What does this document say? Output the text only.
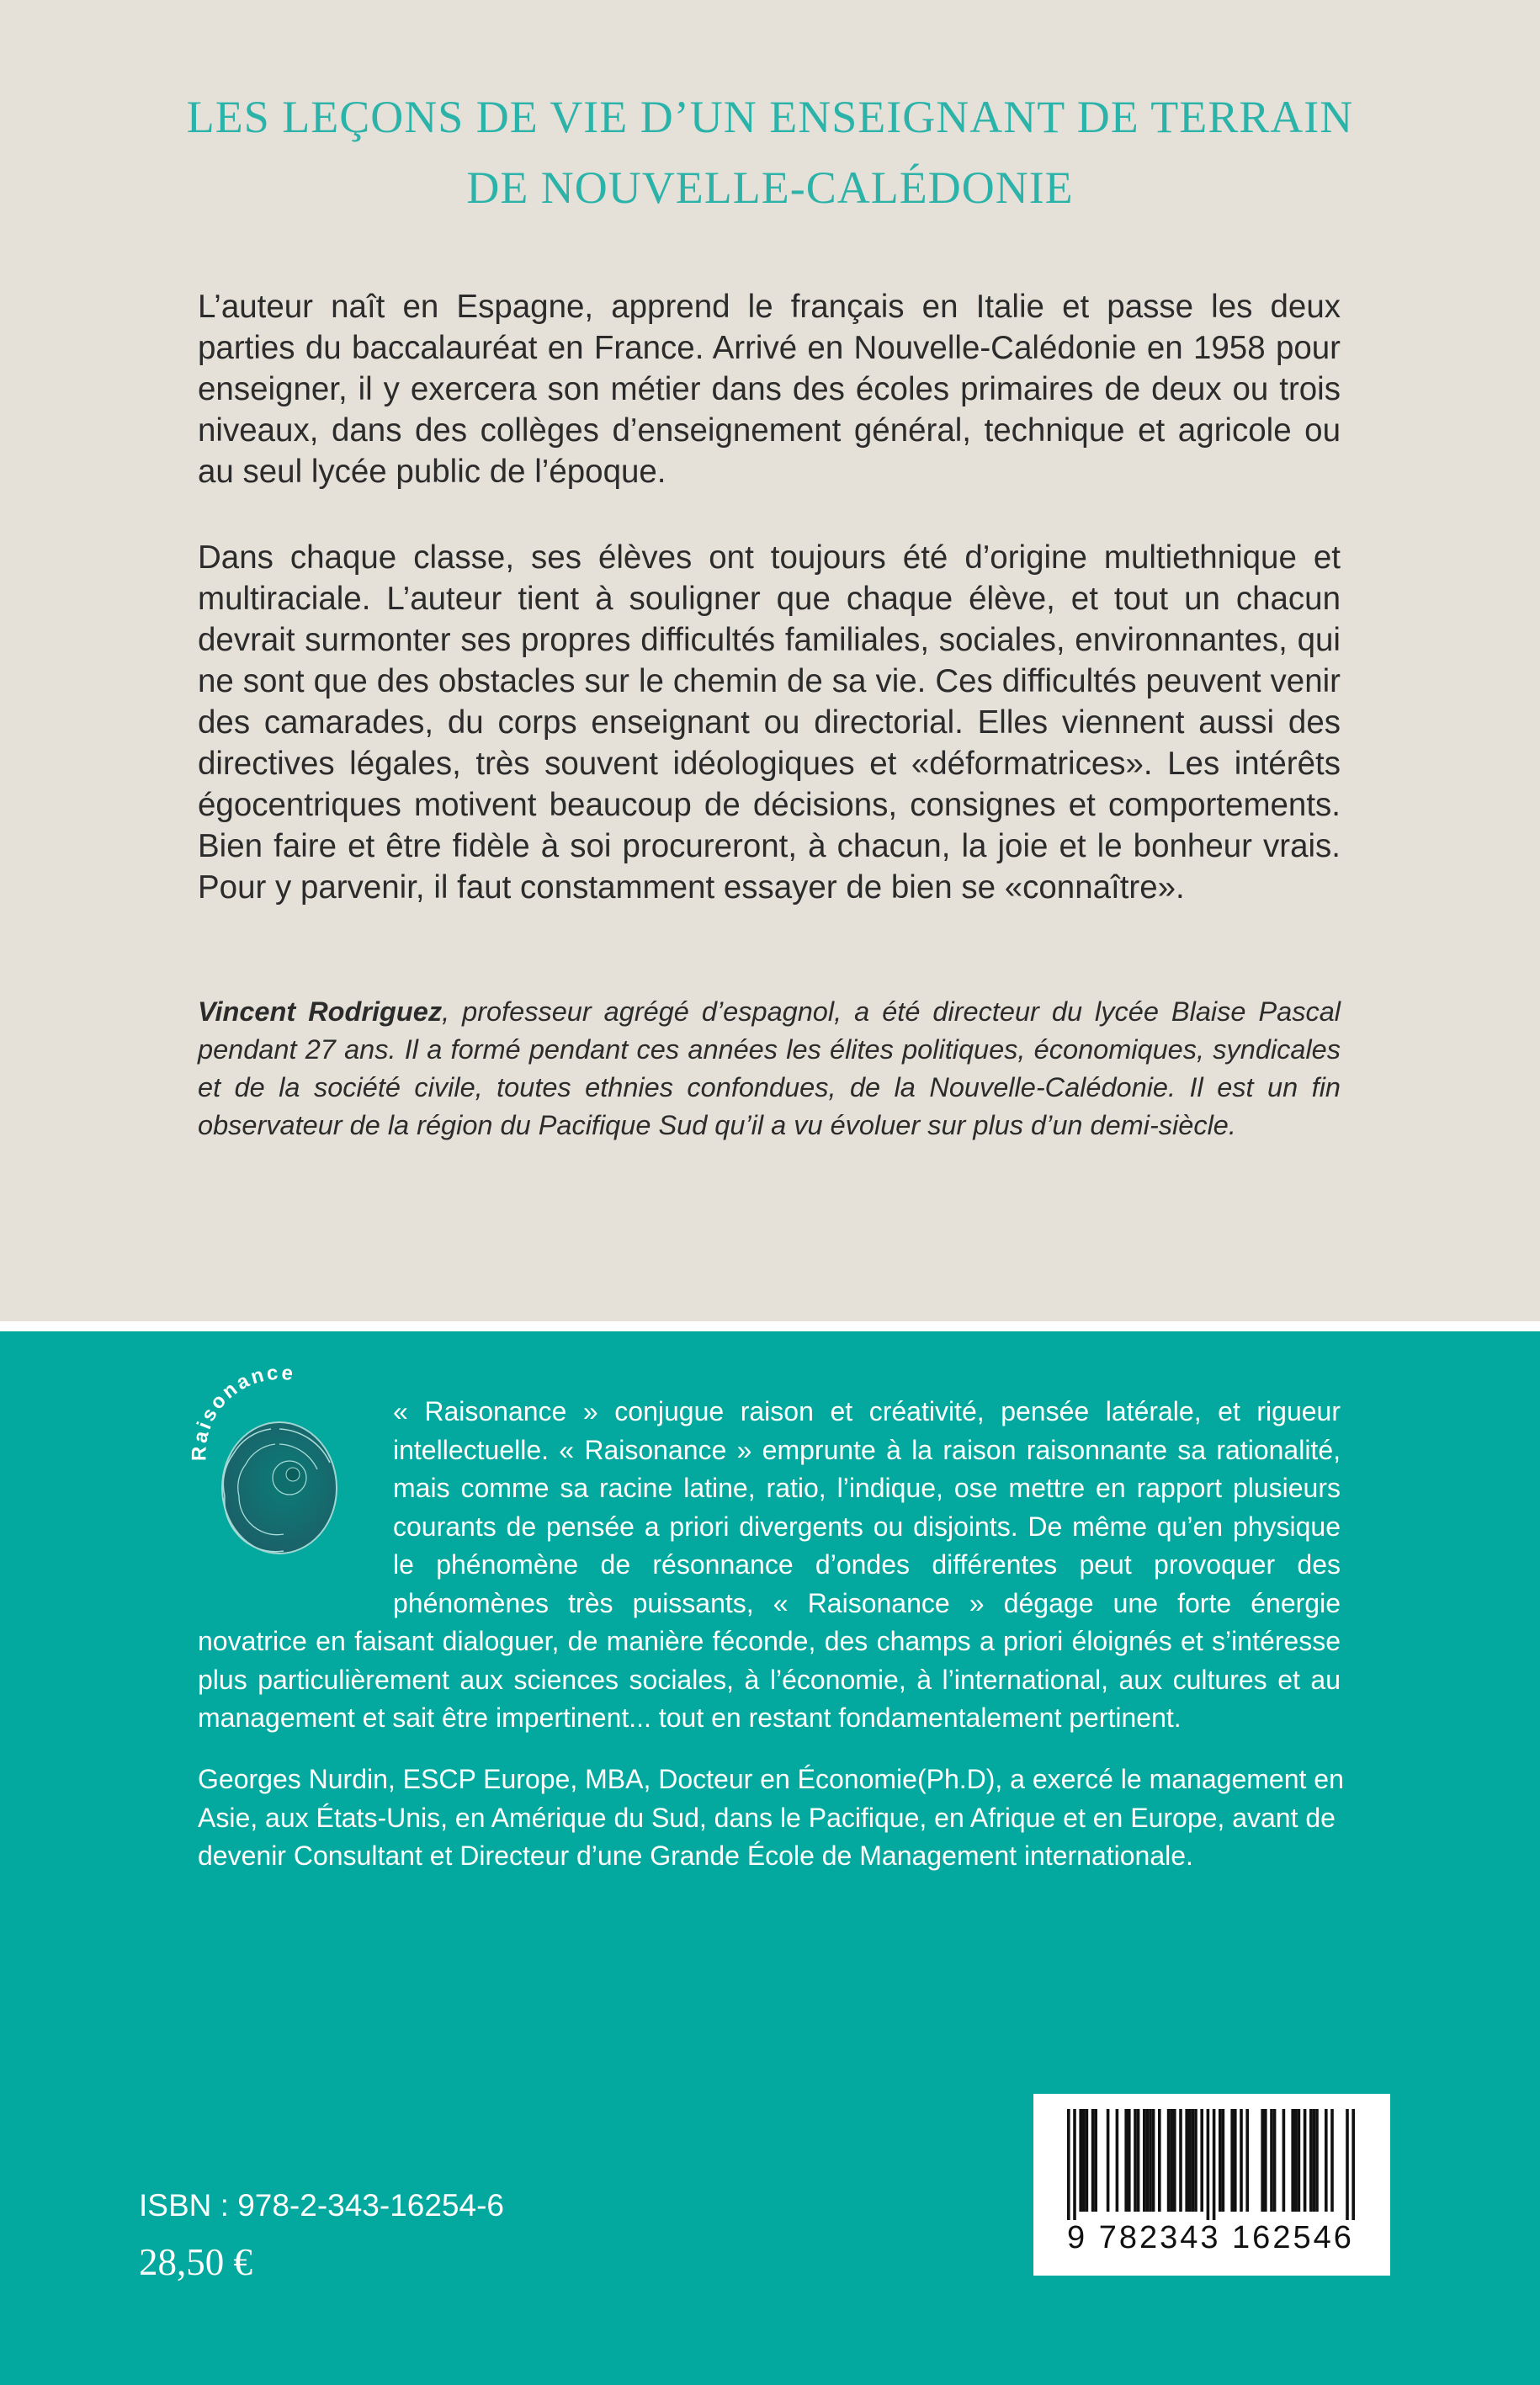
LES LEÇONS DE VIE D’UN ENSEIGNANT DE TERRAIN
DE NOUVELLE-CALÉDONIE
L’auteur naît en Espagne, apprend le français en Italie et passe les deux parties du baccalauréat en France. Arrivé en Nouvelle-Calédonie en 1958 pour enseigner, il y exercera son métier dans des écoles primaires de deux ou trois niveaux, dans des collèges d’enseignement général, technique et agricole ou au seul lycée public de l’époque.
Dans chaque classe, ses élèves ont toujours été d’origine multiethnique et multiraciale. L’auteur tient à souligner que chaque élève, et tout un chacun devrait surmonter ses propres difficultés familiales, sociales, environnantes, qui ne sont que des obstacles sur le chemin de sa vie. Ces difficultés peuvent venir des camarades, du corps enseignant ou directorial. Elles viennent aussi des directives légales, très souvent idéologiques et «déformatrices». Les intérêts égocentriques motivent beaucoup de décisions, consignes et comportements. Bien faire et être fidèle à soi procureront, à chacun, la joie et le bonheur vrais. Pour y parvenir, il faut constamment essayer de bien se «connaître».
Vincent Rodriguez, professeur agrégé d’espagnol, a été directeur du lycée Blaise Pascal pendant 27 ans. Il a formé pendant ces années les élites politiques, économiques, syndicales et de la société civile, toutes ethnies confondues, de la Nouvelle-Calédonie. Il est un fin observateur de la région du Pacifique Sud qu’il a vu évoluer sur plus d’un demi-siècle.
Raisonance
« Raisonance » conjugue raison et créativité, pensée latérale, et rigueur intellectuelle. « Raisonance » emprunte à la raison raisonnante sa rationalité, mais comme sa racine latine, ratio, l’indique, ose mettre en rapport plusieurs courants de pensée a priori divergents ou disjoints. De même qu’en physique le phénomène de résonnance d’ondes différentes peut provoquer des phénomènes très puissants, « Raisonance » dégage une forte énergie novatrice en faisant dialoguer, de manière féconde, des champs a priori éloignés et s’intéresse plus particulièrement aux sciences sociales, à l’économie, à l’international, aux cultures et au management et sait être impertinent... tout en restant fondamentalement pertinent.
Georges Nurdin, ESCP Europe, MBA, Docteur en Économie(Ph.D), a exercé le management en Asie, aux États-Unis, en Amérique du Sud, dans le Pacifique, en Afrique et en Europe, avant de devenir Consultant et Directeur d’une Grande École de Management internationale.
ISBN : 978-2-343-16254-6
28,50 €
9 782343 162546
